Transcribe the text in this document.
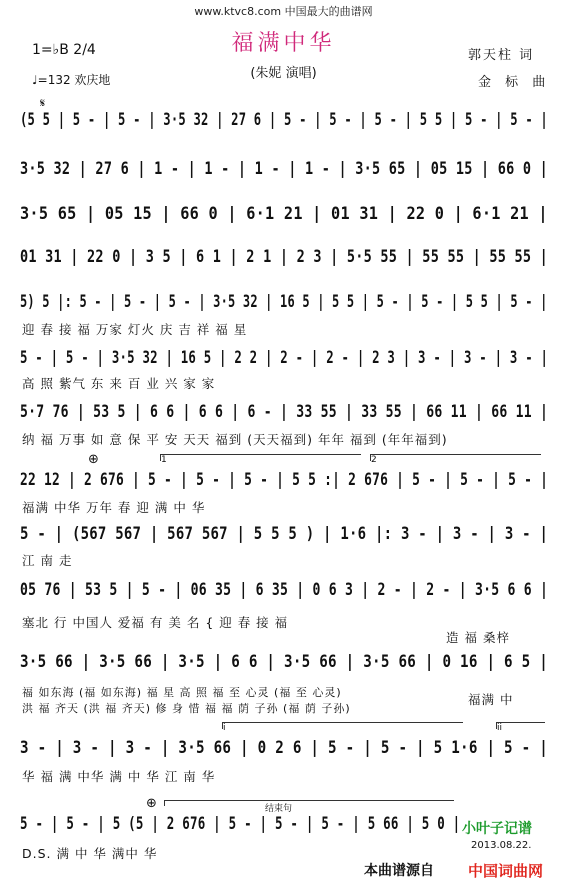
www.ktvc8.com 中国最大的曲谱网
福满中华
(朱妮 演唱)
1=♭B 2/4
♩=132 欢庆地
郭天柱 词
金 标 曲
𝄋
(5 5 | 5 - | 5 - | 3·5 32 | 27 6 | 5 - | 5 - | 5 - | 5 5 | 5 - | 5 - |
3·5 32 | 27 6 | 1 - | 1 - | 1 - | 1 - | 3·5 65 | 05 15 | 66 0 |
3·5 65 | 05 15 | 66 0 | 6·1 21 | 01 31 | 22 0 | 6·1 21 |
01 31 | 22 0 | 3 5 | 6 1 | 2 1 | 2 3 | 5·5 55 | 55 55 | 55 55 |
5) 5 |: 5 - | 5 - | 5 - | 3·5 32 | 16 5 | 5 5 | 5 - | 5 - | 5 5 | 5 - |
迎 春 接 福 万家 灯火 庆 吉 祥 福 星
5 - | 5 - | 3·5 32 | 16 5 | 2 2 | 2 - | 2 - | 2 3 | 3 - | 3 - | 3 - |
高 照 紫气 东 来 百 业 兴 家 家
5·7 76 | 53 5 | 6 6 | 6 6 | 6 - | 33 55 | 33 55 | 66 11 | 66 11 |
纳 福 万事 如 意 保 平 安 天天 福到 (天天福到) 年年 福到 (年年福到)
⊕	1	2
22 12 | 2 676 | 5 - | 5 - | 5 - | 5 5 :| 2 676 | 5 - | 5 - | 5 - |
福满 中华 万年 春 迎 满 中 华
5 - | (567 567 | 567 567 | 5 5 5 ) | 1·6 |: 3 - | 3 - | 3 - |
江 南 走
05 76 | 53 5 | 5 - | 06 35 | 6 35 | 0 6 3 | 2 - | 2 - | 3·5 6 6 |
塞北 行 中国人 爱福 有 美 名 { 迎 春 接 福
造 福 桑梓
3·5 66 | 3·5 66 | 3·5 | 6 6 | 3·5 66 | 3·5 66 | 0 16 | 6 5 |
福 如东海 (福 如东海) 福 星 高 照 福 至 心灵 (福 至 心灵)
洪 福 齐天 (洪 福 齐天) 修 身 惜 福 福 荫 子孙 (福 荫 子孙)
福满 中
i	ii
3 - | 3 - | 3 - | 3·5 66 | 0 2 6 | 5 - | 5 - | 5 1·6 | 5 - |
华 福 满 中华 满 中 华 江 南 华
⊕	结束句
5 - | 5 - | 5 (5 | 2 676 | 5 - | 5 - | 5 - | 5 66 | 5 0 |
D.S. 满 中 华 满中 华
小叶子记谱
2013.08.22.
本曲谱源自 中国词曲网
